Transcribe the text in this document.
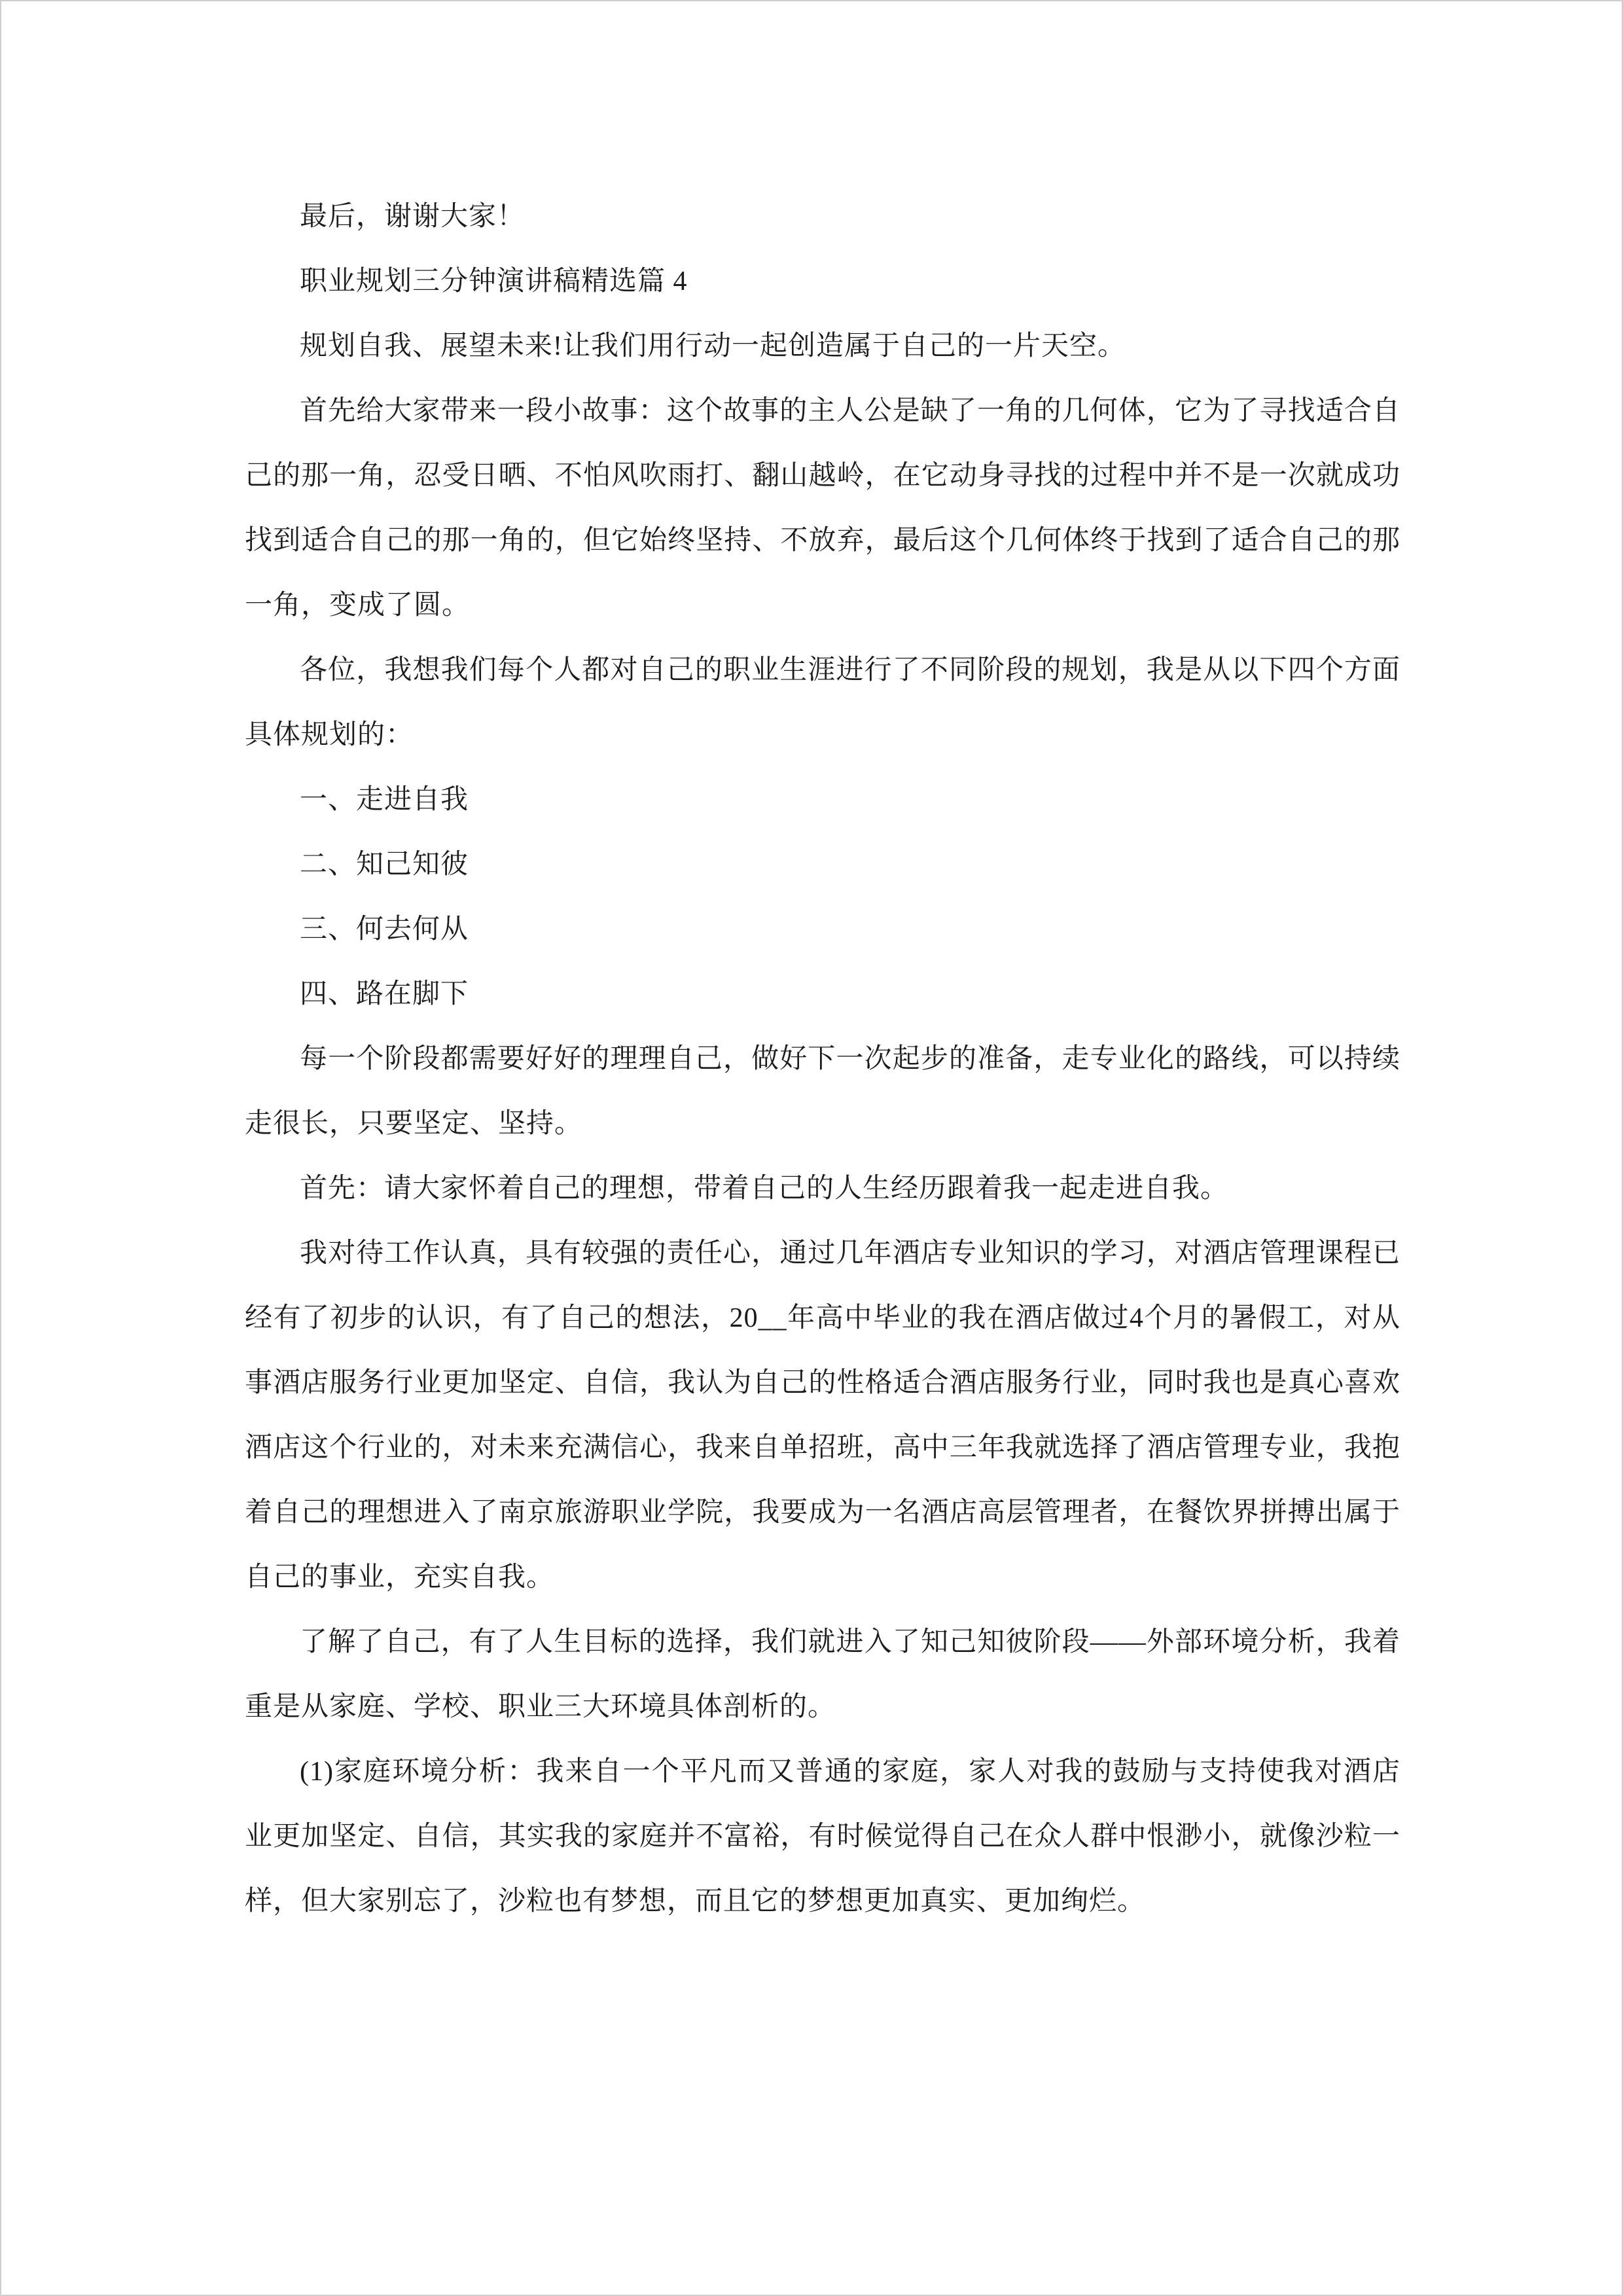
最后，谢谢大家！

职业规划三分钟演讲稿精选篇 4

规划自我、展望未来!让我们用行动一起创造属于自己的一片天空。

首先给大家带来一段小故事：这个故事的主人公是缺了一角的几何体，它为了寻找适合自己的那一角，忍受日晒、不怕风吹雨打、翻山越岭，在它动身寻找的过程中并不是一次就成功找到适合自己的那一角的，但它始终坚持、不放弃，最后这个几何体终于找到了适合自己的那一角，变成了圆。

各位，我想我们每个人都对自己的职业生涯进行了不同阶段的规划，我是从以下四个方面具体规划的：

一、走进自我

二、知己知彼

三、何去何从

四、路在脚下

每一个阶段都需要好好的理理自己，做好下一次起步的准备，走专业化的路线，可以持续走很长，只要坚定、坚持。

首先：请大家怀着自己的理想，带着自己的人生经历跟着我一起走进自我。

我对待工作认真，具有较强的责任心，通过几年酒店专业知识的学习，对酒店管理课程已经有了初步的认识，有了自己的想法，20__年高中毕业的我在酒店做过4个月的暑假工，对从事酒店服务行业更加坚定、自信，我认为自己的性格适合酒店服务行业，同时我也是真心喜欢酒店这个行业的，对未来充满信心，我来自单招班，高中三年我就选择了酒店管理专业，我抱着自己的理想进入了南京旅游职业学院，我要成为一名酒店高层管理者，在餐饮界拼搏出属于自己的事业，充实自我。

了解了自己，有了人生目标的选择，我们就进入了知己知彼阶段——外部环境分析，我着重是从家庭、学校、职业三大环境具体剖析的。

(1)家庭环境分析：我来自一个平凡而又普通的家庭，家人对我的鼓励与支持使我对酒店业更加坚定、自信，其实我的家庭并不富裕，有时候觉得自己在众人群中恨渺小，就像沙粒一样，但大家别忘了，沙粒也有梦想，而且它的梦想更加真实、更加绚烂。
